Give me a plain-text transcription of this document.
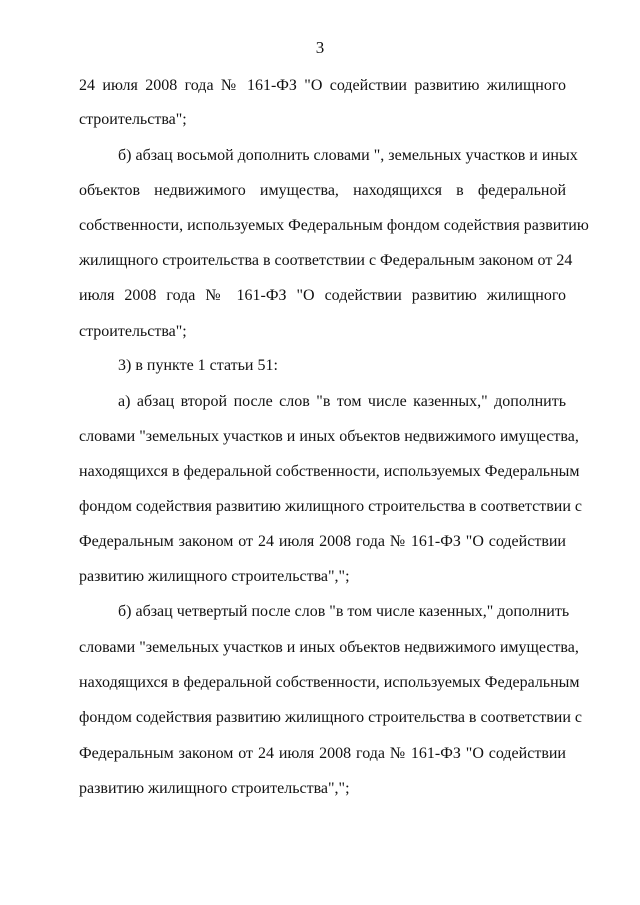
3
24 июля 2008 года № 161-ФЗ "О содействии развитию жилищного
строительства";
б) абзац восьмой дополнить словами ", земельных участков и иных
объектов недвижимого имущества, находящихся в федеральной
собственности, используемых Федеральным фондом содействия развитию
жилищного строительства в соответствии с Федеральным законом от 24
июля 2008 года № 161-ФЗ "О содействии развитию жилищного
строительства";
3) в пункте 1 статьи 51:
а) абзац второй после слов "в том числе казенных," дополнить
словами "земельных участков и иных объектов недвижимого имущества,
находящихся в федеральной собственности, используемых Федеральным
фондом содействия развитию жилищного строительства в соответствии с
Федеральным законом от 24 июля 2008 года № 161-ФЗ "О содействии
развитию жилищного строительства",";
б) абзац четвертый после слов "в том числе казенных," дополнить
словами "земельных участков и иных объектов недвижимого имущества,
находящихся в федеральной собственности, используемых Федеральным
фондом содействия развитию жилищного строительства в соответствии с
Федеральным законом от 24 июля 2008 года № 161-ФЗ "О содействии
развитию жилищного строительства",";
